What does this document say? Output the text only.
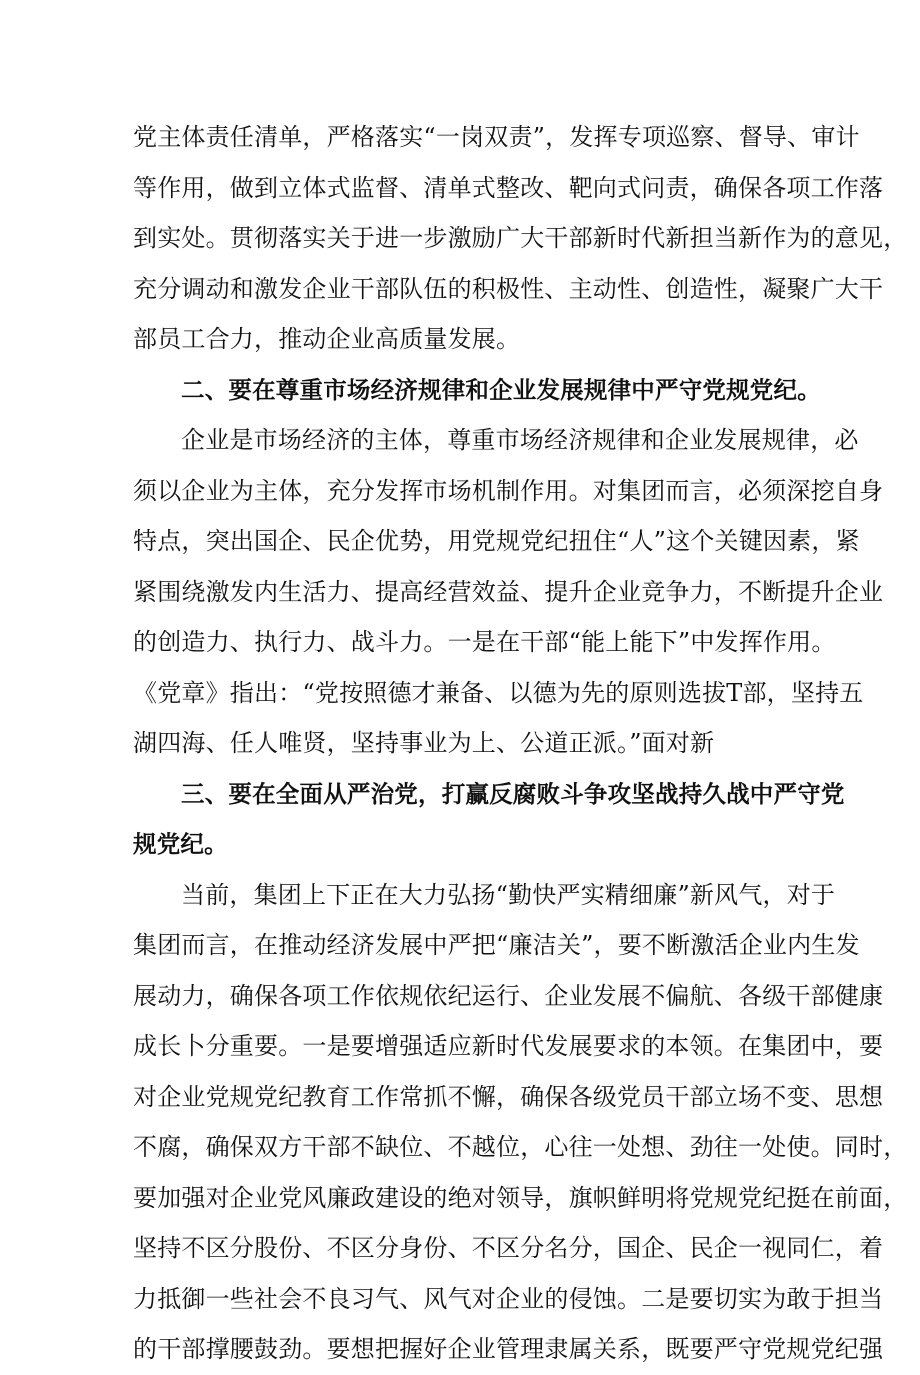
党主体责任清单，严格落实“一岗双责”，发挥专项巡察、督导、审计
等作用，做到立体式监督、清单式整改、靶向式问责，确保各项工作落
到实处。贯彻落实关于进一步激励广大干部新时代新担当新作为的意见，
充分调动和激发企业干部队伍的积极性、主动性、创造性，凝聚广大干
部员工合力，推动企业高质量发展。
二、要在尊重市场经济规律和企业发展规律中严守党规党纪。
企业是市场经济的主体，尊重市场经济规律和企业发展规律，必
须以企业为主体，充分发挥市场机制作用。对集团而言，必须深挖自身
特点，突出国企、民企优势，用党规党纪扭住“人”这个关键因素，紧
紧围绕激发内生活力、提高经营效益、提升企业竞争力，不断提升企业
的创造力、执行力、战斗力。一是在干部“能上能下”中发挥作用。
《党章》指出：“党按照德才兼备、以德为先的原则选拔T部，坚持五
湖四海、任人唯贤，坚持事业为上、公道正派。”面对新
三、要在全面从严治党，打赢反腐败斗争攻坚战持久战中严守党
规党纪。
当前，集团上下正在大力弘扬“勤快严实精细廉”新风气，对于
集团而言，在推动经济发展中严把“廉洁关”，要不断激活企业内生发
展动力，确保各项工作依规依纪运行、企业发展不偏航、各级干部健康
成长卜分重要。一是要增强适应新时代发展要求的本领。在集团中，要
对企业党规党纪教育工作常抓不懈，确保各级党员干部立场不变、思想
不腐，确保双方干部不缺位、不越位，心往一处想、劲往一处使。同时，
要加强对企业党风廉政建设的绝对领导，旗帜鲜明将党规党纪挺在前面，
坚持不区分股份、不区分身份、不区分名分，国企、民企一视同仁，着
力抵御一些社会不良习气、风气对企业的侵蚀。二是要切实为敢于担当
的干部撑腰鼓劲。要想把握好企业管理隶属关系，既要严守党规党纪强
